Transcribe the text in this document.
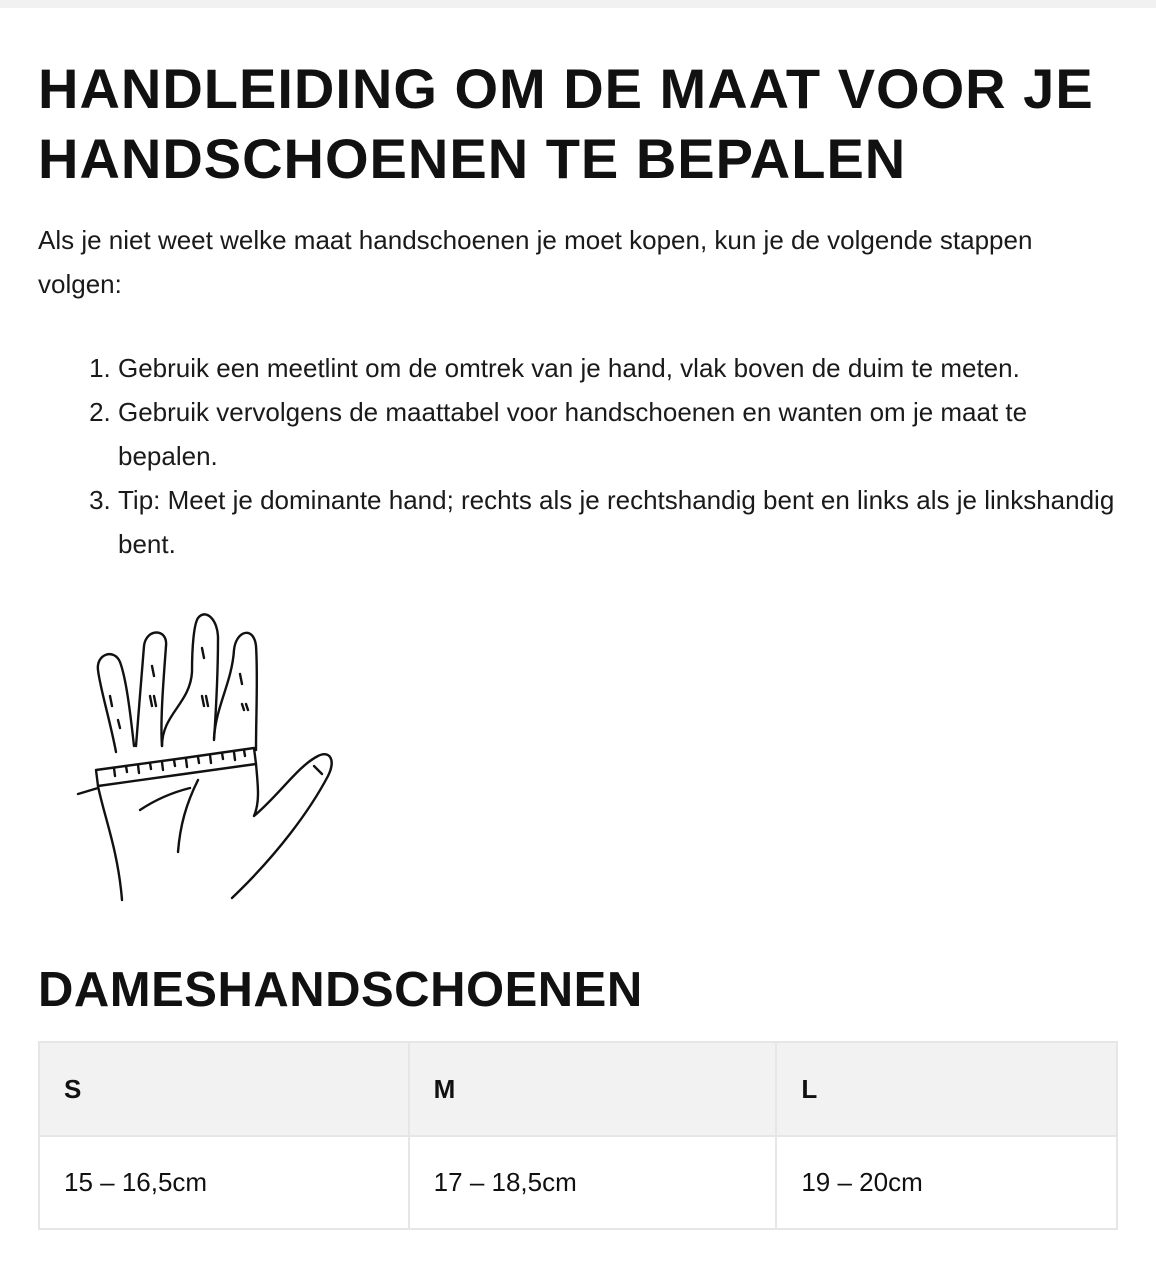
HANDLEIDING OM DE MAAT VOOR JE HANDSCHOENEN TE BEPALEN

Als je niet weet welke maat handschoenen je moet kopen, kun je de volgende stappen volgen:

1. Gebruik een meetlint om de omtrek van je hand, vlak boven de duim te meten.
2. Gebruik vervolgens de maattabel voor handschoenen en wanten om je maat te bepalen.
3. Tip: Meet je dominante hand; rechts als je rechtshandig bent en links als je linkshandig bent.
DAMESHANDSCHOENEN
S	M	L
15 – 16,5cm	17 – 18,5cm	19 – 20cm
